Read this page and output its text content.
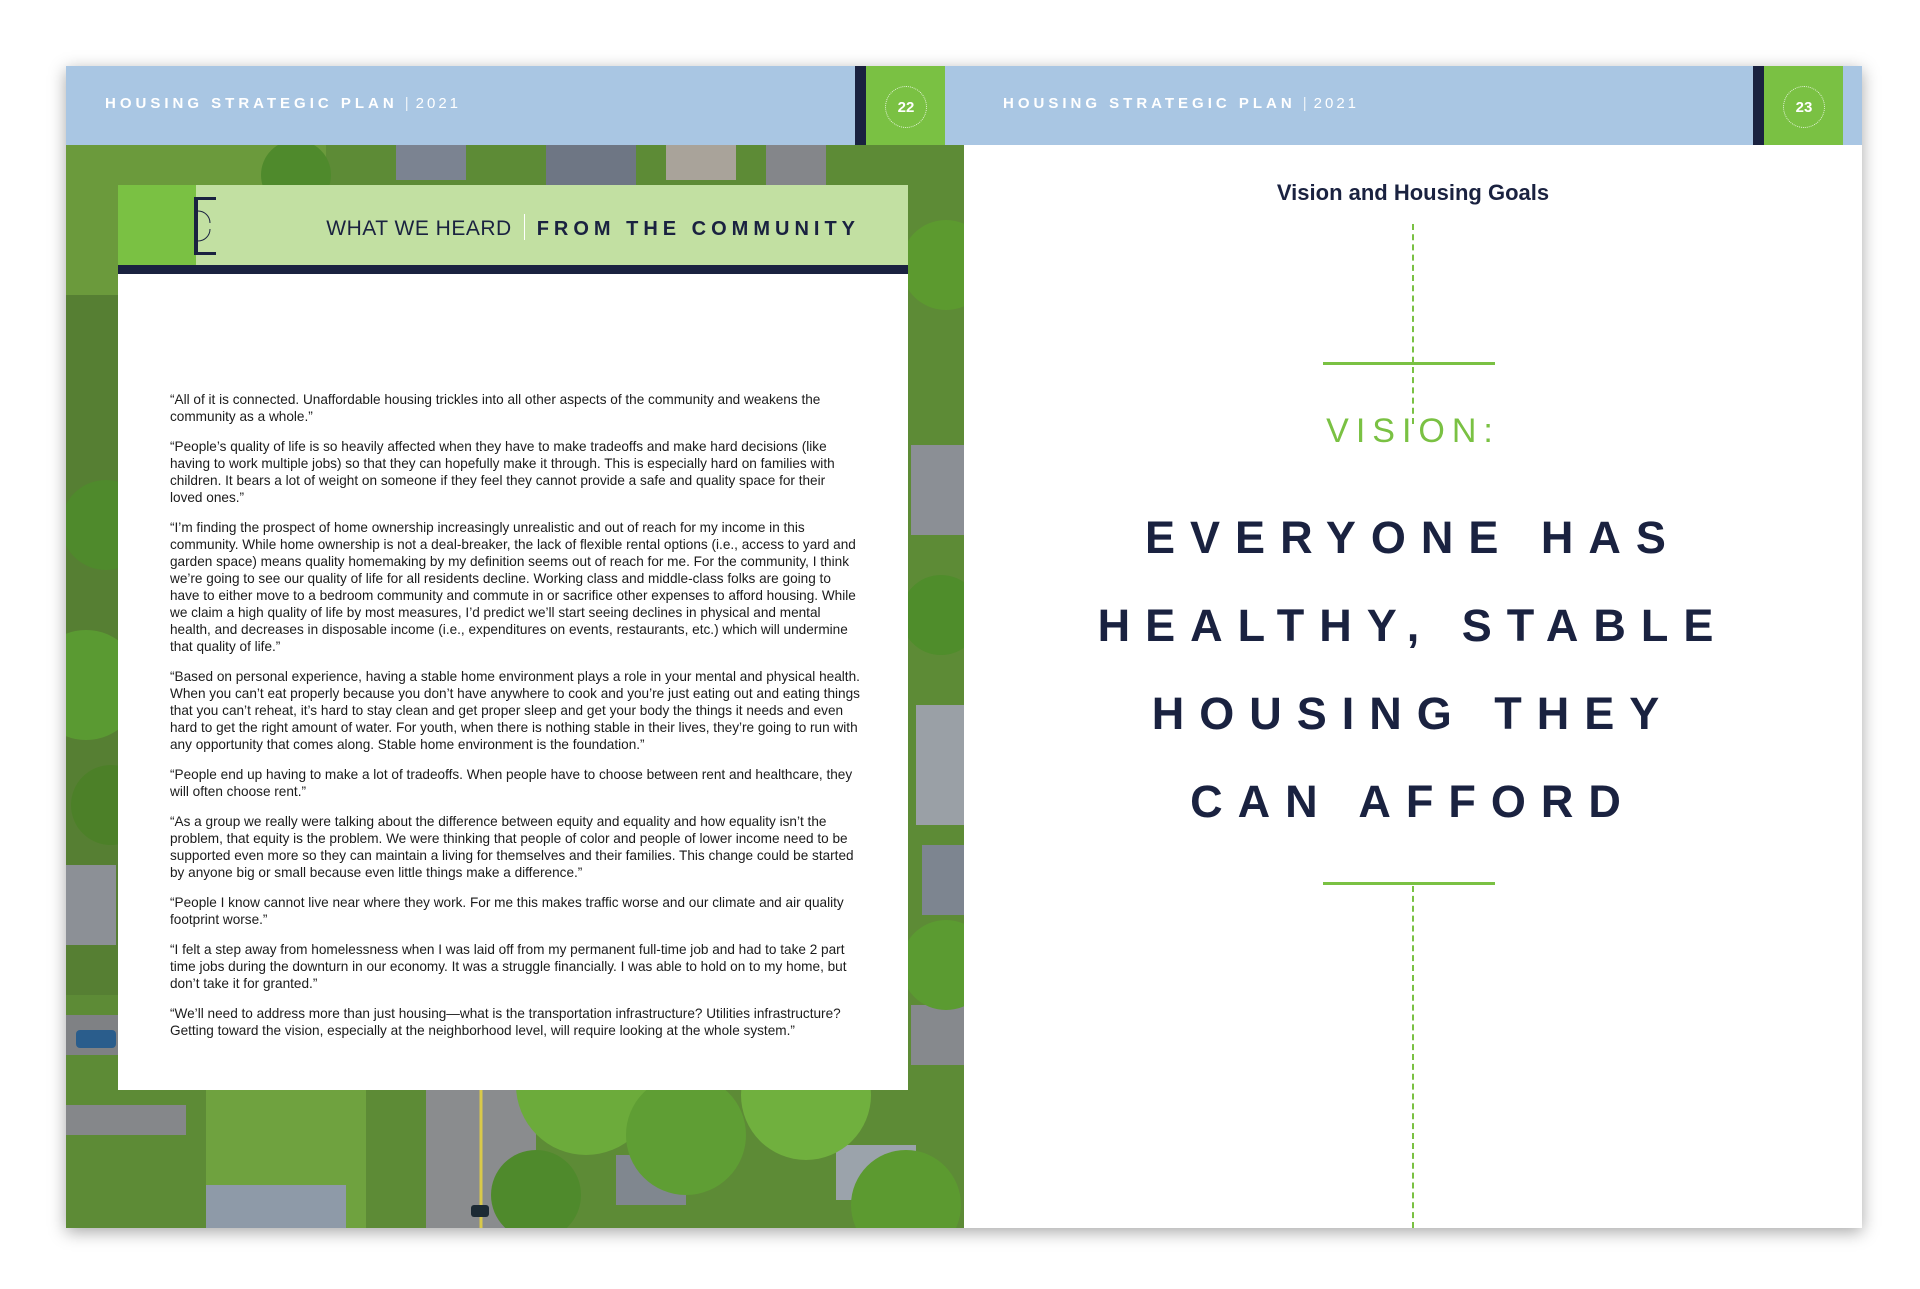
HOUSING STRATEGIC PLAN | 2021	22
WHAT WE HEARD FROM THE COMMUNITY

“All of it is connected. Unaffordable housing trickles into all other aspects of the community and weakens the community as a whole.”

“People’s quality of life is so heavily affected when they have to make tradeoffs and make hard decisions (like having to work multiple jobs) so that they can hopefully make it through. This is especially hard on families with children. It bears a lot of weight on someone if they feel they cannot provide a safe and quality space for their loved ones.”

“I’m finding the prospect of home ownership increasingly unrealistic and out of reach for my income in this community. While home ownership is not a deal-breaker, the lack of flexible rental options (i.e., access to yard and garden space) means quality homemaking by my definition seems out of reach for me. For the community, I think we’re going to see our quality of life for all residents decline. Working class and middle-class folks are going to have to either move to a bedroom community and commute in or sacrifice other expenses to afford housing. While we claim a high quality of life by most measures, I’d predict we’ll start seeing declines in physical and mental health, and decreases in disposable income (i.e., expenditures on events, restaurants, etc.) which will undermine that quality of life.”

“Based on personal experience, having a stable home environment plays a role in your mental and physical health. When you can’t eat properly because you don’t have anywhere to cook and you’re just eating out and eating things that you can’t reheat, it’s hard to stay clean and get proper sleep and get your body the things it needs and even hard to get the right amount of water. For youth, when there is nothing stable in their lives, they’re going to run with any opportunity that comes along. Stable home environment is the foundation.”

“People end up having to make a lot of tradeoffs. When people have to choose between rent and healthcare, they will often choose rent.”

“As a group we really were talking about the difference between equity and equality and how equality isn’t the problem, that equity is the problem. We were thinking that people of color and people of lower income need to be supported even more so they can maintain a living for themselves and their families. This change could be started by anyone big or small because even little things make a difference.”

“People I know cannot live near where they work. For me this makes traffic worse and our climate and air quality footprint worse.”

“I felt a step away from homelessness when I was laid off from my permanent full-time job and had to take 2 part time jobs during the downturn in our economy. It was a struggle financially. I was able to hold on to my home, but don’t take it for granted.”

“We’ll need to address more than just housing—what is the transportation infrastructure? Utilities infrastructure? Getting toward the vision, especially at the neighborhood level, will require looking at the whole system.”

HOUSING STRATEGIC PLAN | 2021	23
Vision and Housing Goals
VISION:
EVERYONE HAS
HEALTHY, STABLE
HOUSING THEY
CAN AFFORD
